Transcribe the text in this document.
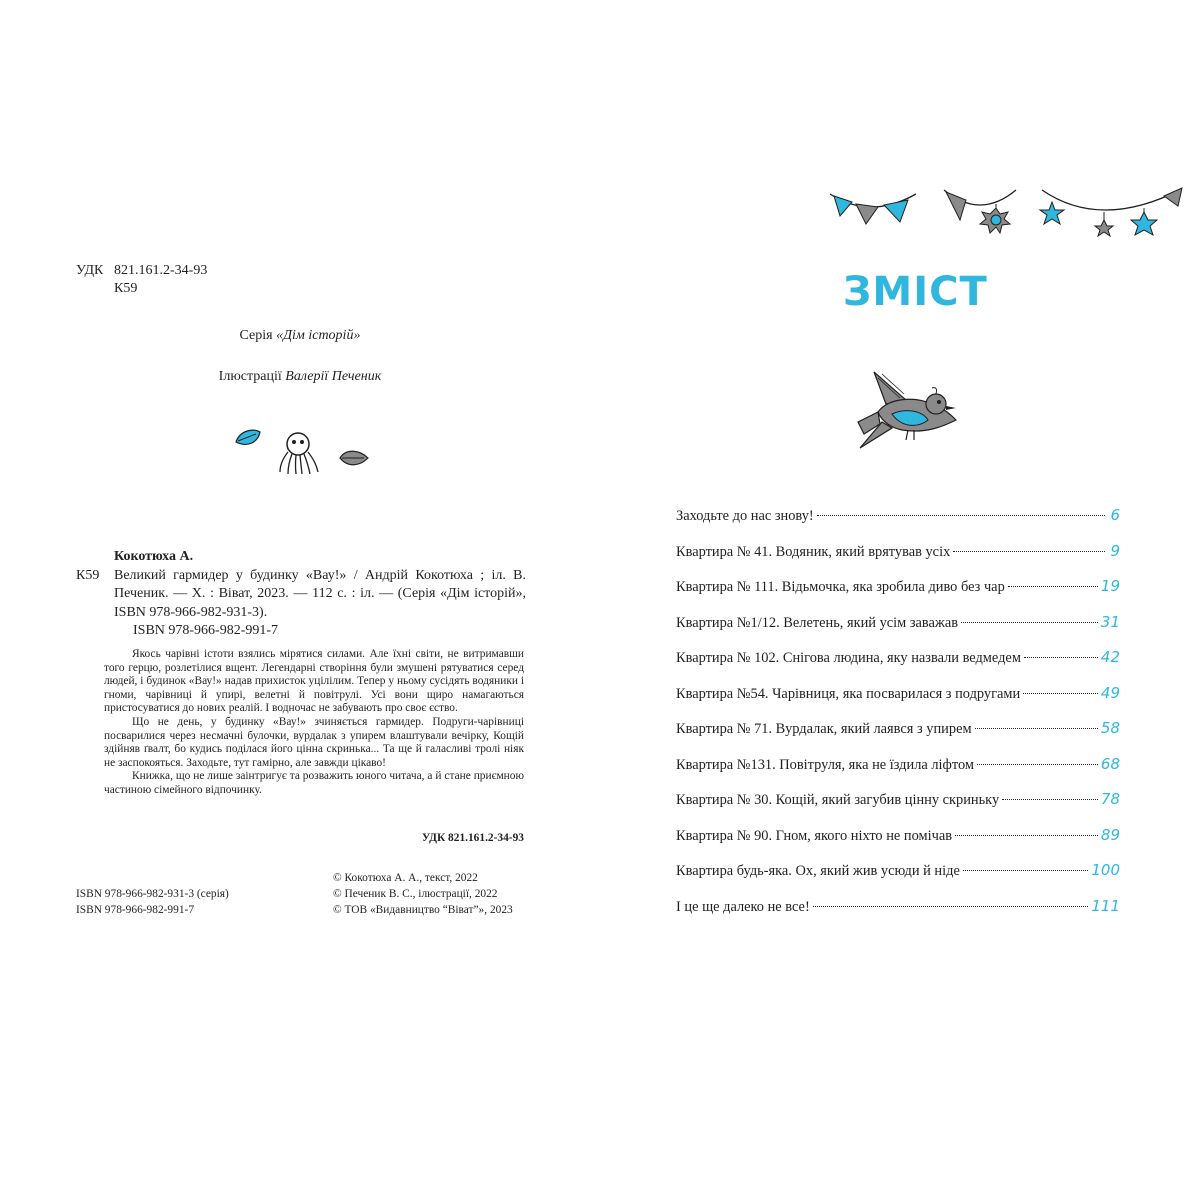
УДК 821.161.2-34-93
К59
Серія «Дім історій»
Ілюстрації Валерії Печеник
Кокотюха А.
К59	Великий гармидер у будинку «Вау!» / Андрій Кокотюха ; іл. В. Печеник. — Х. : Віват, 2023. — 112 с. : іл. — (Серія «Дім історій», ISBN 978-966-982-931-3).
ISBN 978-966-982-991-7

Якось чарівні істоти взялись мірятися силами. Але їхні світи, не витримавши того герцю, розлетілися вщент. Легендарні створіння були змушені рятуватися серед людей, і будинок «Вау!» надав прихисток уцілілим. Тепер у ньому сусідять водяники і гноми, чарівниці й упирі, велетні й повітрулі. Усі вони щиро намагаються пристосуватися до нових реалій. І водночас не забувають про своє єство.

Що не день, у будинку «Вау!» зчиняється гармидер. Подруги-чарівниці посварилися через несмачні булочки, вурдалак з упирем влаштували вечірку, Кощій здійняв ґвалт, бо кудись поділася його цінна скринька... Та ще й галасливі тролі ніяк не заспокояться. Заходьте, тут гамірно, але завжди цікаво!

Книжка, що не лише заінтригує та розважить юного читача, а й стане приємною частиною сімейного відпочинку.

УДК 821.161.2-34-93
ISBN 978-966-982-931-3 (серія)
ISBN 978-966-982-991-7
© Кокотюха А. А., текст, 2022
© Печеник В. С., ілюстрації, 2022
© ТОВ «Видавництво “Віват”», 2023
ЗМІСТ
Заходьте до нас знову!	6
Квартира № 41. Водяник, який врятував усіх	9
Квартира № 111. Відьмочка, яка зробила диво без чар	19
Квартира №1/12. Велетень, який усім заважав	31
Квартира № 102. Снігова людина, яку назвали ведмедем	42
Квартира №54. Чарівниця, яка посварилася з подругами	49
Квартира № 71. Вурдалак, який лаявся з упирем	58
Квартира №131. Повітруля, яка не їздила ліфтом	68
Квартира № 30. Кощій, який загубив цінну скриньку	78
Квартира № 90. Гном, якого ніхто не помічав	89
Квартира будь-яка. Ох, який жив усюди й ніде	100
І це ще далеко не все!	111
